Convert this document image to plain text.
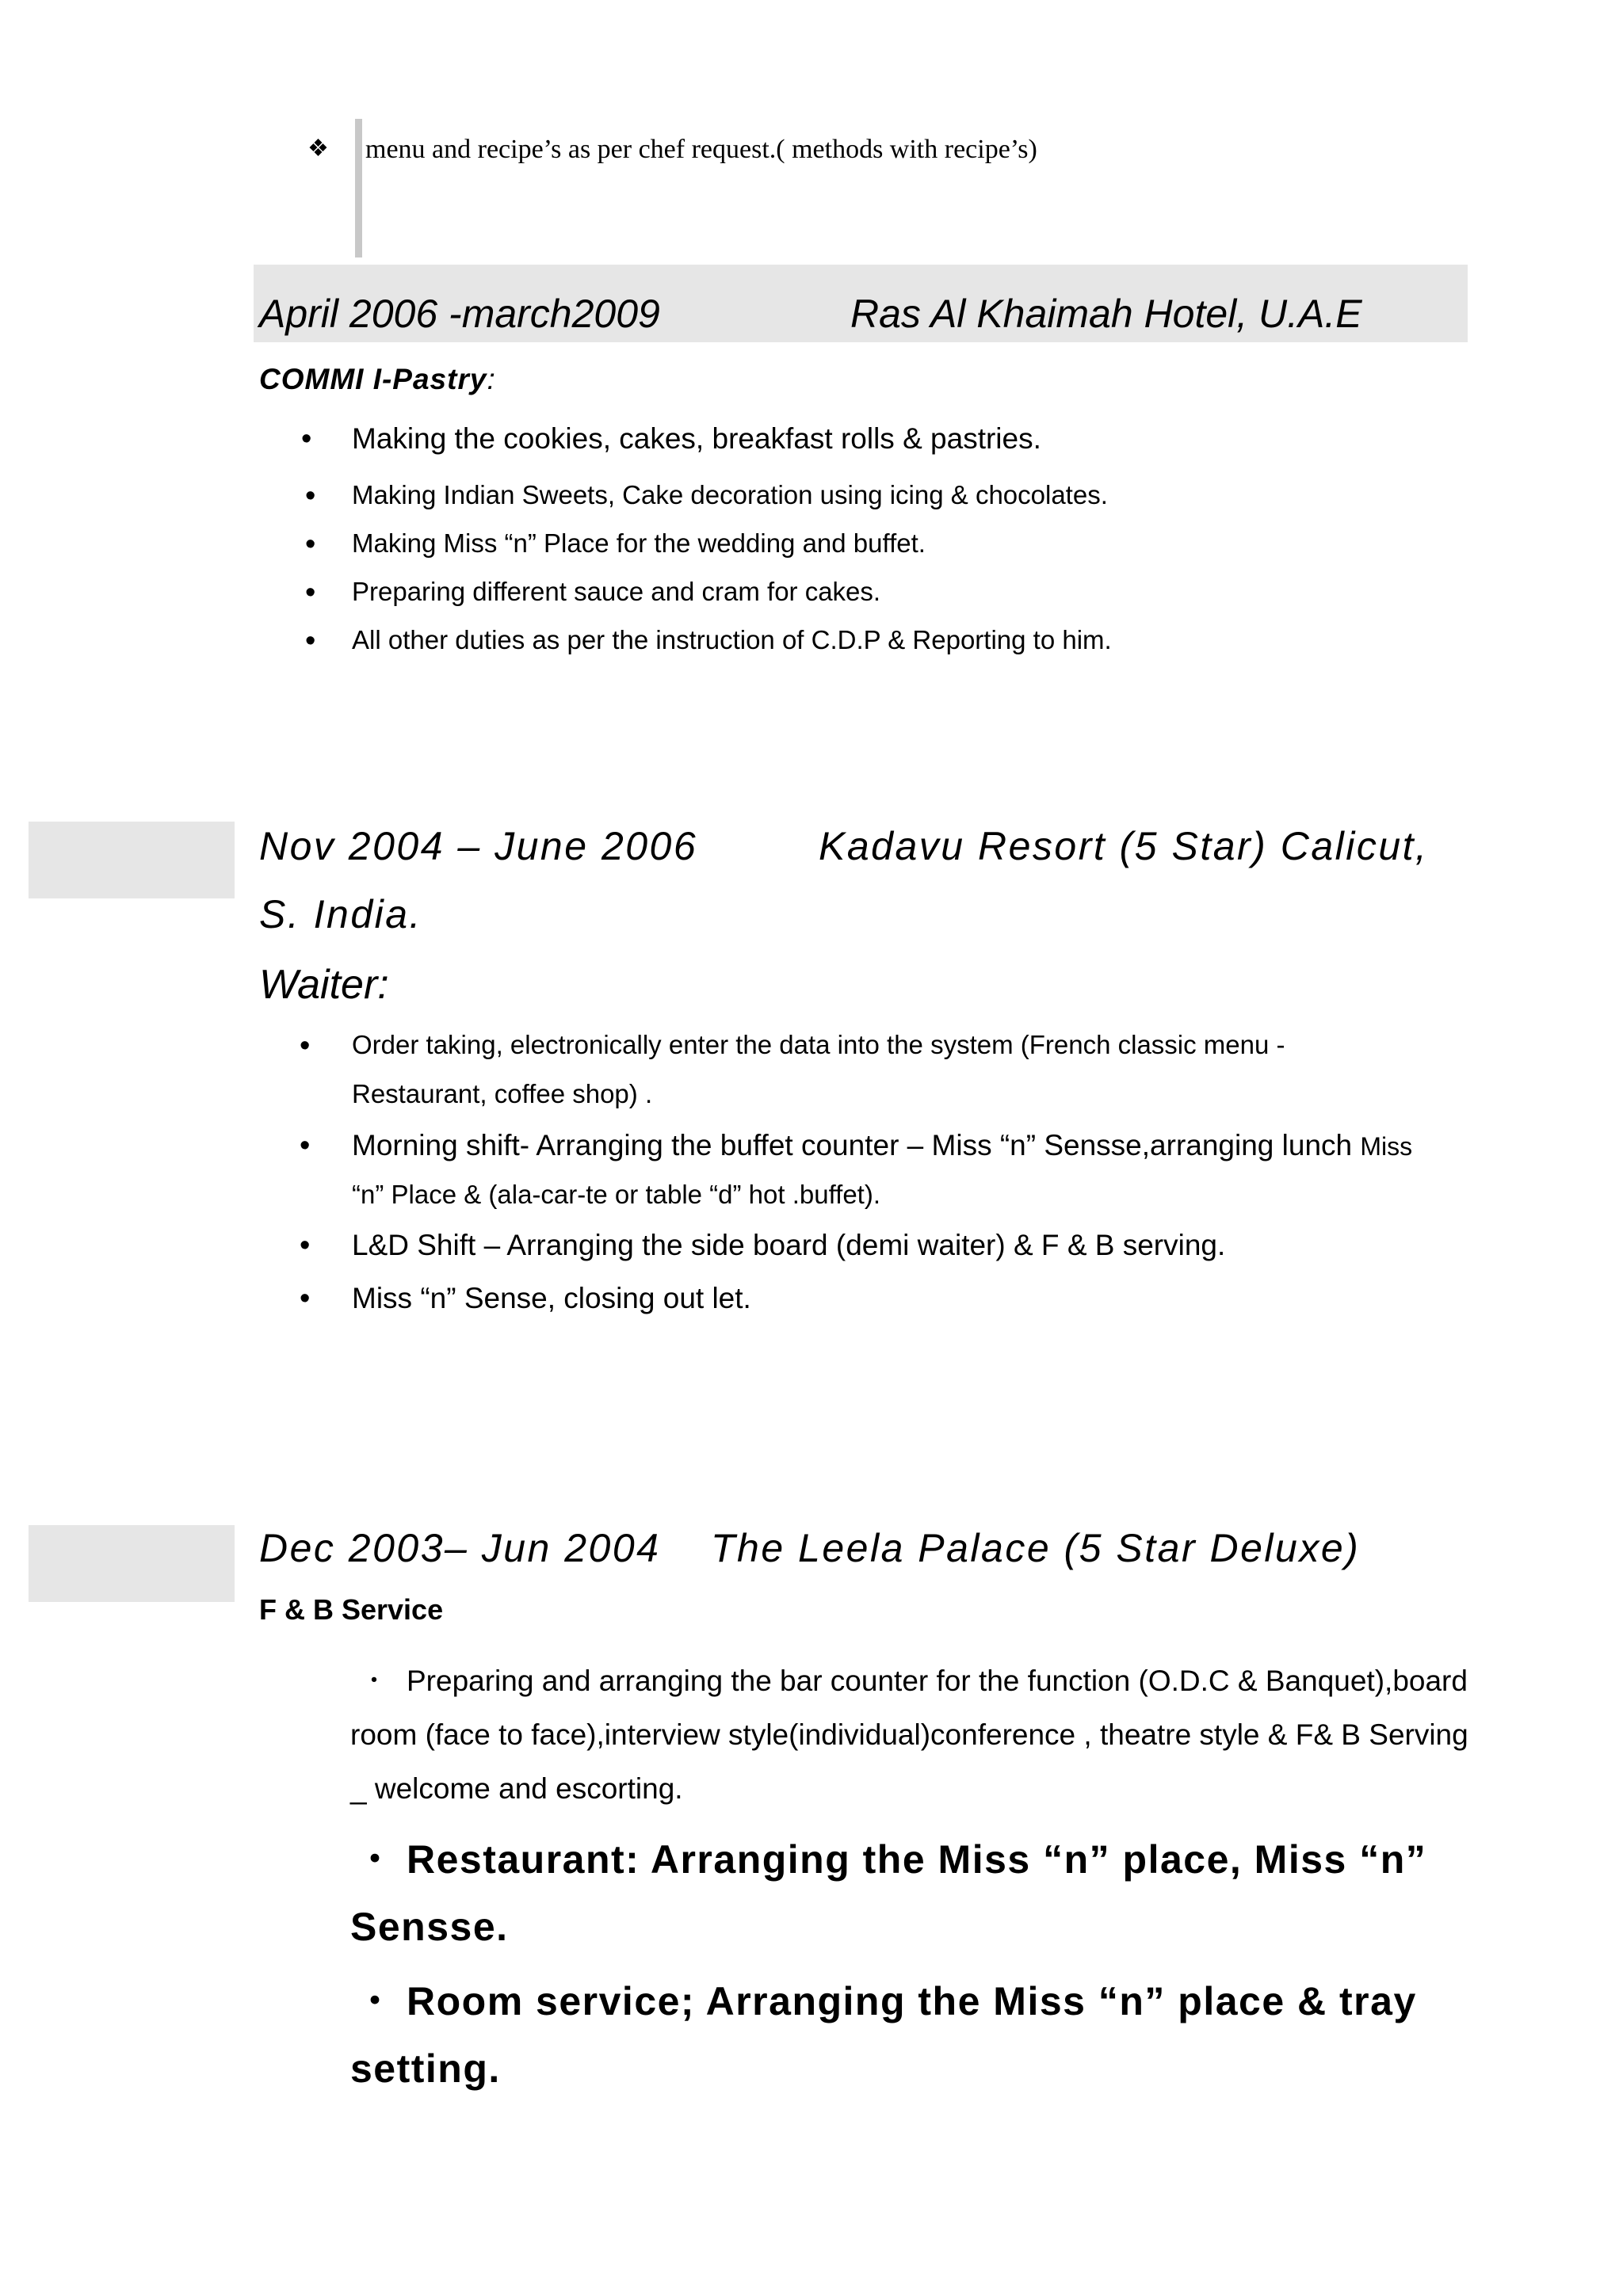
❖ menu and recipe’s as per chef request.( methods with recipe’s)
April 2006 -march2009	Ras Al Khaimah Hotel, U.A.E
COMMI I-Pastry:
• Making the cookies, cakes, breakfast rolls & pastries.
• Making Indian Sweets, Cake decoration using icing & chocolates.
• Making Miss “n” Place for the wedding and buffet.
• Preparing different sauce and cram for cakes.
• All other duties as per the instruction of C.D.P & Reporting to him.
Nov 2004 – June 2006	Kadavu Resort (5 Star) Calicut,
S. India.
Waiter:
• Order taking, electronically enter the data into the system (French classic menu -
Restaurant, coffee shop) .
• Morning shift- Arranging the buffet counter – Miss “n” Sensse,arranging lunch Miss
“n” Place & (ala-car-te or table “d” hot .buffet).
• L&D Shift – Arranging the side board (demi waiter) & F & B serving.
• Miss “n” Sense, closing out let.
Dec 2003– Jun 2004 The Leela Palace (5 Star Deluxe)
F & B Service
・ Preparing and arranging the bar counter for the function (O.D.C & Banquet),board
room (face to face),interview style(individual)conference , theatre style & F& B Serving
_ welcome and escorting.
・ Restaurant: Arranging the Miss “n” place, Miss “n”
Sensse.
・ Room service; Arranging the Miss “n” place & tray
setting.
